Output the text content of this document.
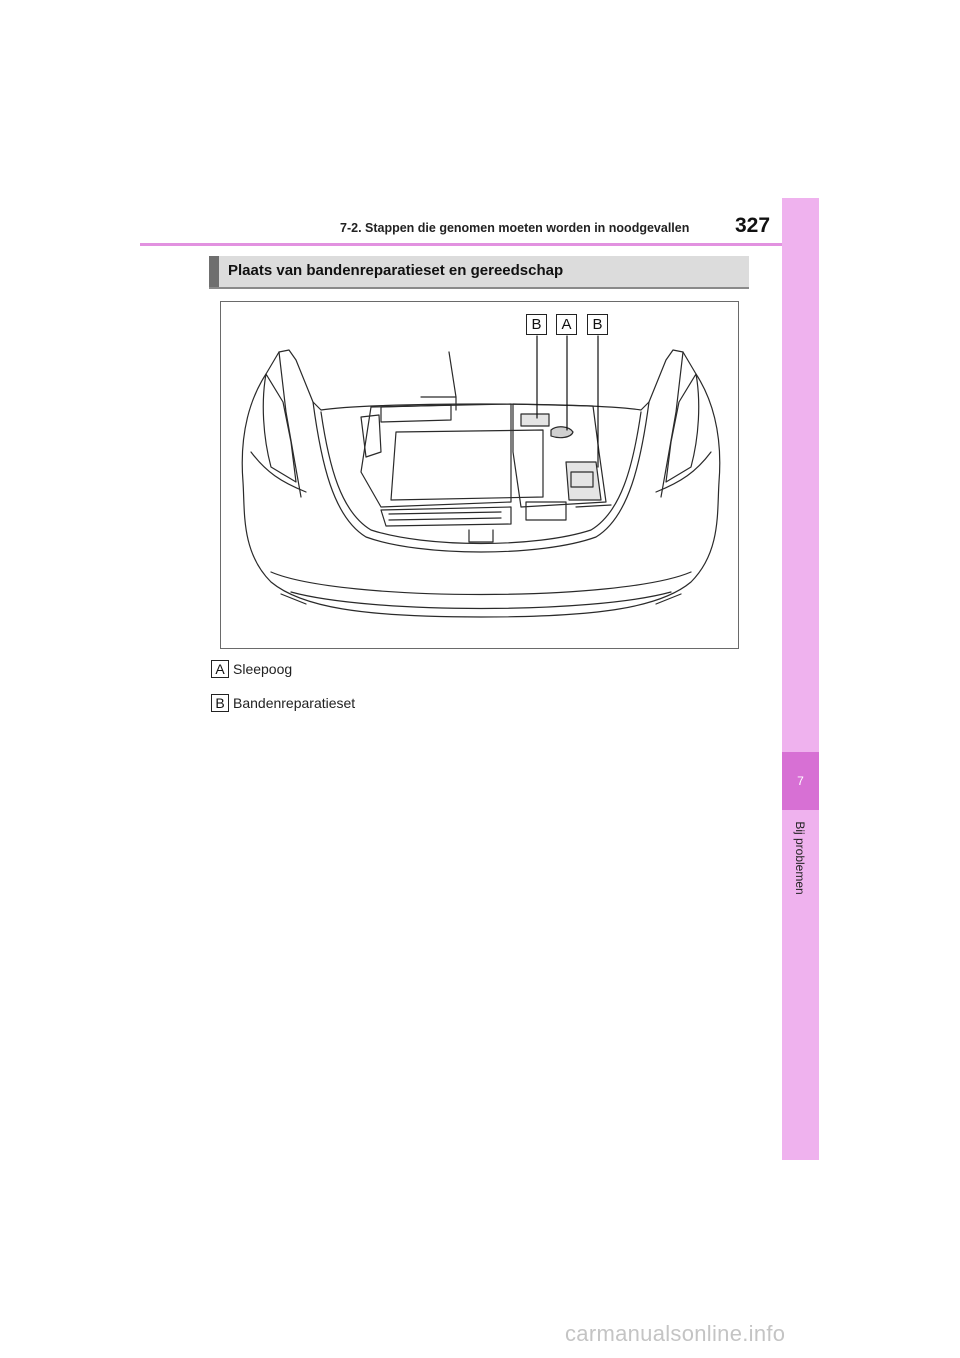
7
Bij problemen
7-2. Stappen die genomen moeten worden in noodgevallen 327
Plaats van bandenreparatieset en gereedschap
B	A	B
A Sleepoog
B Bandenreparatieset
carmanualsonline.info
